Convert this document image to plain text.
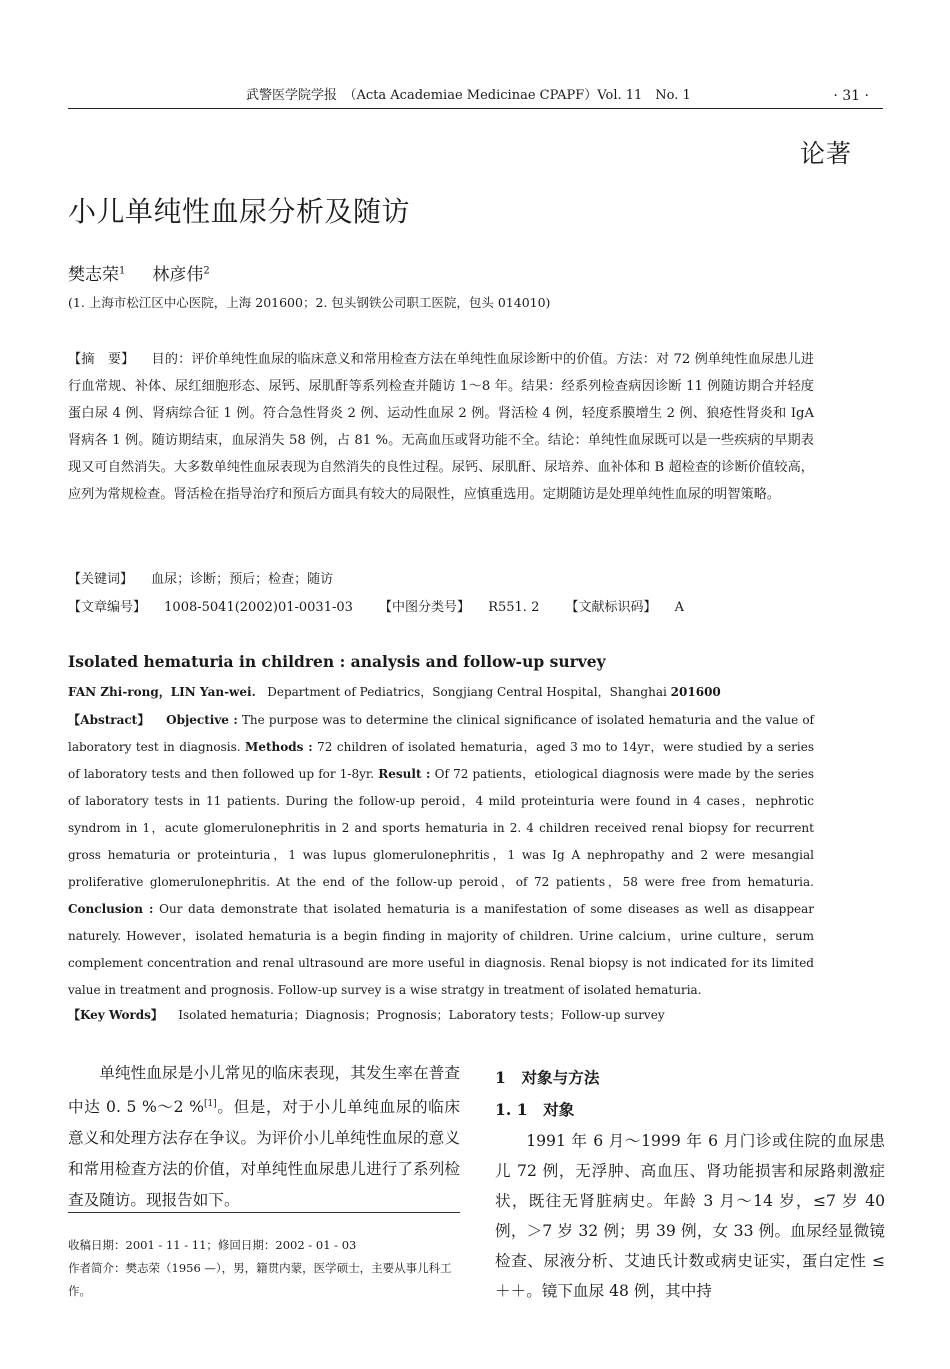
武警医学院学报　（Acta Academiae Medicinae CPAPF）Vol. 11　No. 1	· 31 ·
论著
小儿单纯性血尿分析及随访
樊志荣$^1$ 林彦伟$^2$
(1. 上海市松江区中心医院，上海 201600；2. 包头钢铁公司职工医院，包头 014010)
【摘　要】 目的：评价单纯性血尿的临床意义和常用检查方法在单纯性血尿诊断中的价值。方法：对 72 例单纯性血尿患儿进行血常规、补体、尿红细胞形态、尿钙、尿肌酐等系列检查并随访 1～8 年。结果：经系列检查病因诊断 11 例随访期合并轻度蛋白尿 4 例、肾病综合征 1 例。符合急性肾炎 2 例、运动性血尿 2 例。肾活检 4 例，轻度系膜增生 2 例、狼疮性肾炎和 IgA 肾病各 1 例。随访期结束，血尿消失 58 例，占 81 %。无高血压或肾功能不全。结论：单纯性血尿既可以是一些疾病的早期表现又可自然消失。大多数单纯性血尿表现为自然消失的良性过程。尿钙、尿肌酐、尿培养、血补体和 B 超检查的诊断价值较高，应列为常规检查。肾活检在指导治疗和预后方面具有较大的局限性，应慎重选用。定期随访是处理单纯性血尿的明智策略。
【关键词】 血尿；诊断；预后；检查；随访
【文章编号】 1008-5041(2002)01-0031-03 【中图分类号】 R551. 2 【文献标识码】 A
Isolated hematuria in children : analysis and follow-up survey
FAN Zhi-rong，LIN Yan-wei. Department of Pediatrics，Songjiang Central Hospital，Shanghai 201600
【Abstract】 Objective : The purpose was to determine the clinical significance of isolated hematuria and the value of laboratory test in diagnosis. Methods : 72 children of isolated hematuria，aged 3 mo to 14yr，were studied by a series of laboratory tests and then followed up for 1-8yr. Result : Of 72 patients，etiological diagnosis were made by the series of laboratory tests in 11 patients. During the follow-up peroid，4 mild proteinturia were found in 4 cases，nephrotic syndrom in 1，acute glomerulonephritis in 2 and sports hematuria in 2. 4 children received renal biopsy for recurrent gross hematuria or proteinturia，1 was lupus glomerulonephritis，1 was Ig A nephropathy and 2 were mesangial proliferative glomerulonephritis. At the end of the follow-up peroid，of 72 patients，58 were free from hematuria. Conclusion : Our data demonstrate that isolated hematuria is a manifestation of some diseases as well as disappear naturely. However，isolated hematuria is a begin finding in majority of children. Urine calcium，urine culture，serum complement concentration and renal ultrasound are more useful in diagnosis. Renal biopsy is not indicated for its limited value in treatment and prognosis. Follow-up survey is a wise stratgy in treatment of isolated hematuria.
【Key Words】 Isolated hematuria；Diagnosis；Prognosis；Laboratory tests；Follow-up survey
单纯性血尿是小儿常见的临床表现，其发生率在普查中达 0. 5 %～2 %[1]。但是，对于小儿单纯血尿的临床意义和处理方法存在争议。为评价小儿单纯性血尿的意义和常用检查方法的价值，对单纯性血尿患儿进行了系列检查及随访。现报告如下。
收稿日期：2001 - 11 - 11；修回日期：2002 - 01 - 03
作者简介：樊志荣（1956 —），男，籍贯内蒙，医学硕士，主要从事儿科工作。
1　对象与方法
1. 1　对象
1991 年 6 月～1999 年 6 月门诊或住院的血尿患儿 72 例，无浮肿、高血压、肾功能损害和尿路刺激症状，既往无肾脏病史。年龄 3 月～14 岁，≤7 岁 40 例，＞7 岁 32 例；男 39 例，女 33 例。血尿经显微镜检查、尿液分析、艾迪氏计数或病史证实，蛋白定性 ≤＋＋。镜下血尿 48 例，其中持
